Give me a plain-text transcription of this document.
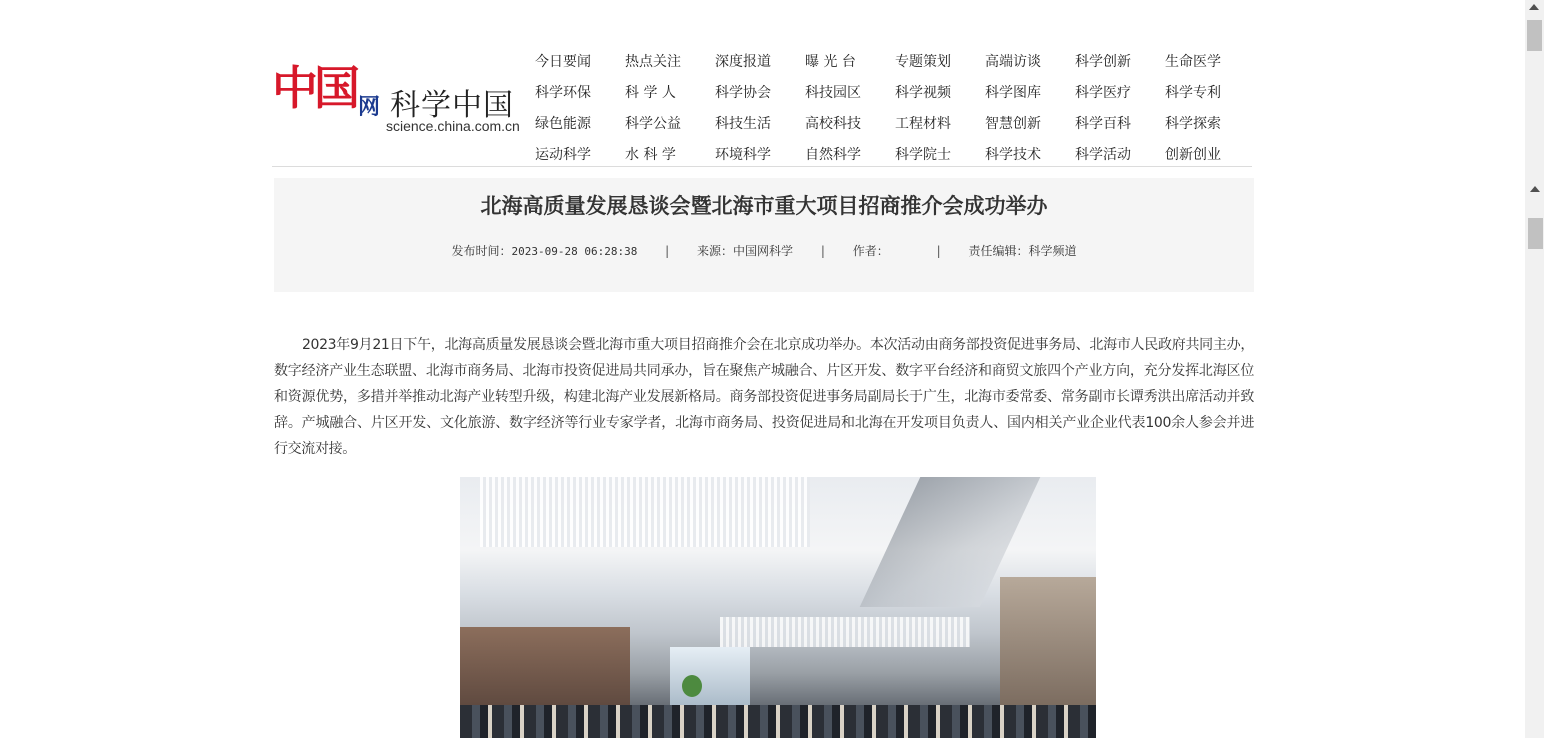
中国 网 科学中国
science.china.com.cn
今日要闻	热点关注	深度报道	曝 光 台	专题策划	高端访谈	科学创新	生命医学
科学环保	科 学 人	科学协会	科技园区	科学视频	科学图库	科学医疗	科学专利
绿色能源	科学公益	科技生活	高校科技	工程材料	智慧创新	科学百科	科学探索
运动科学	水 科 学	环境科学	自然科学	科学院士	科学技术	科学活动	创新创业
北海高质量发展恳谈会暨北海市重大项目招商推介会成功举办
发布时间：2023-09-28 06:28:38 | 来源：中国网科学 | 作者：	| 责任编辑：科学频道

2023年9月21日下午，北海高质量发展恳谈会暨北海市重大项目招商推介会在北京成功举办。本次活动由商务部投资促进事务局、北海市人民政府共同主办，数字经济产业生态联盟、北海市商务局、北海市投资促进局共同承办，旨在聚焦产城融合、片区开发、数字平台经济和商贸文旅四个产业方向，充分发挥北海区位和资源优势，多措并举推动北海产业转型升级，构建北海产业发展新格局。商务部投资促进事务局副局长于广生，北海市委常委、常务副市长谭秀洪出席活动并致辞。产城融合、片区开发、文化旅游、数字经济等行业专家学者，北海市商务局、投资促进局和北海在开发项目负责人、国内相关产业企业代表100余人参会并进行交流对接。
